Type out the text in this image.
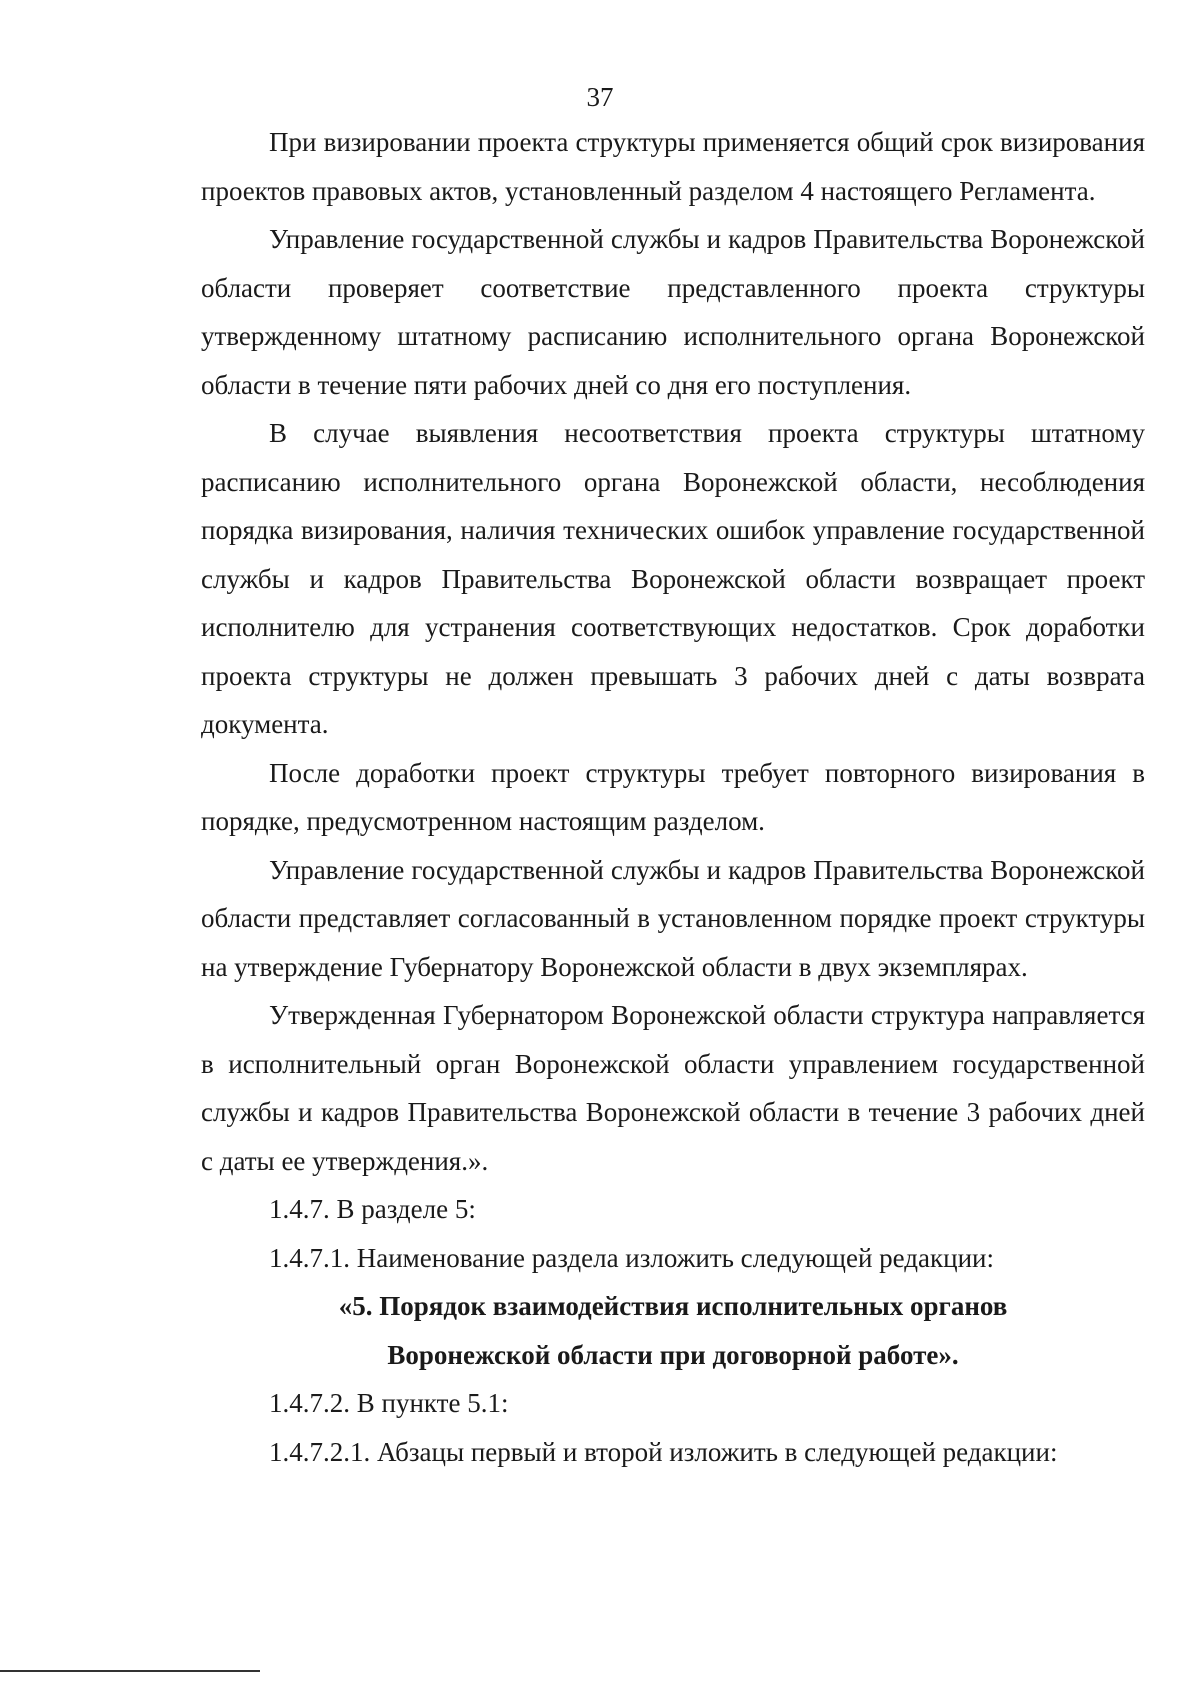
37

При визировании проекта структуры применяется общий срок визирования проектов правовых актов, установленный разделом 4 настоящего Регламента.

Управление государственной службы и кадров Правительства Воронежской области проверяет соответствие представленного проекта структуры утвержденному штатному расписанию исполнительного органа Воронежской области в течение пяти рабочих дней со дня его поступления.

В случае выявления несоответствия проекта структуры штатному расписанию исполнительного органа Воронежской области, несоблюдения порядка визирования, наличия технических ошибок управление государственной службы и кадров Правительства Воронежской области возвращает проект исполнителю для устранения соответствующих недостатков. Срок доработки проекта структуры не должен превышать 3 рабочих дней с даты возврата документа.

После доработки проект структуры требует повторного визирования в порядке, предусмотренном настоящим разделом.

Управление государственной службы и кадров Правительства Воронежской области представляет согласованный в установленном порядке проект структуры на утверждение Губернатору Воронежской области в двух экземплярах.

Утвержденная Губернатором Воронежской области структура направляется в исполнительный орган Воронежской области управлением государственной службы и кадров Правительства Воронежской области в течение 3 рабочих дней с даты ее утверждения.».

1.4.7. В разделе 5:

1.4.7.1. Наименование раздела изложить следующей редакции:

«5. Порядок взаимодействия исполнительных органов
Воронежской области при договорной работе».

1.4.7.2. В пункте 5.1:

1.4.7.2.1. Абзацы первый и второй изложить в следующей редакции:
